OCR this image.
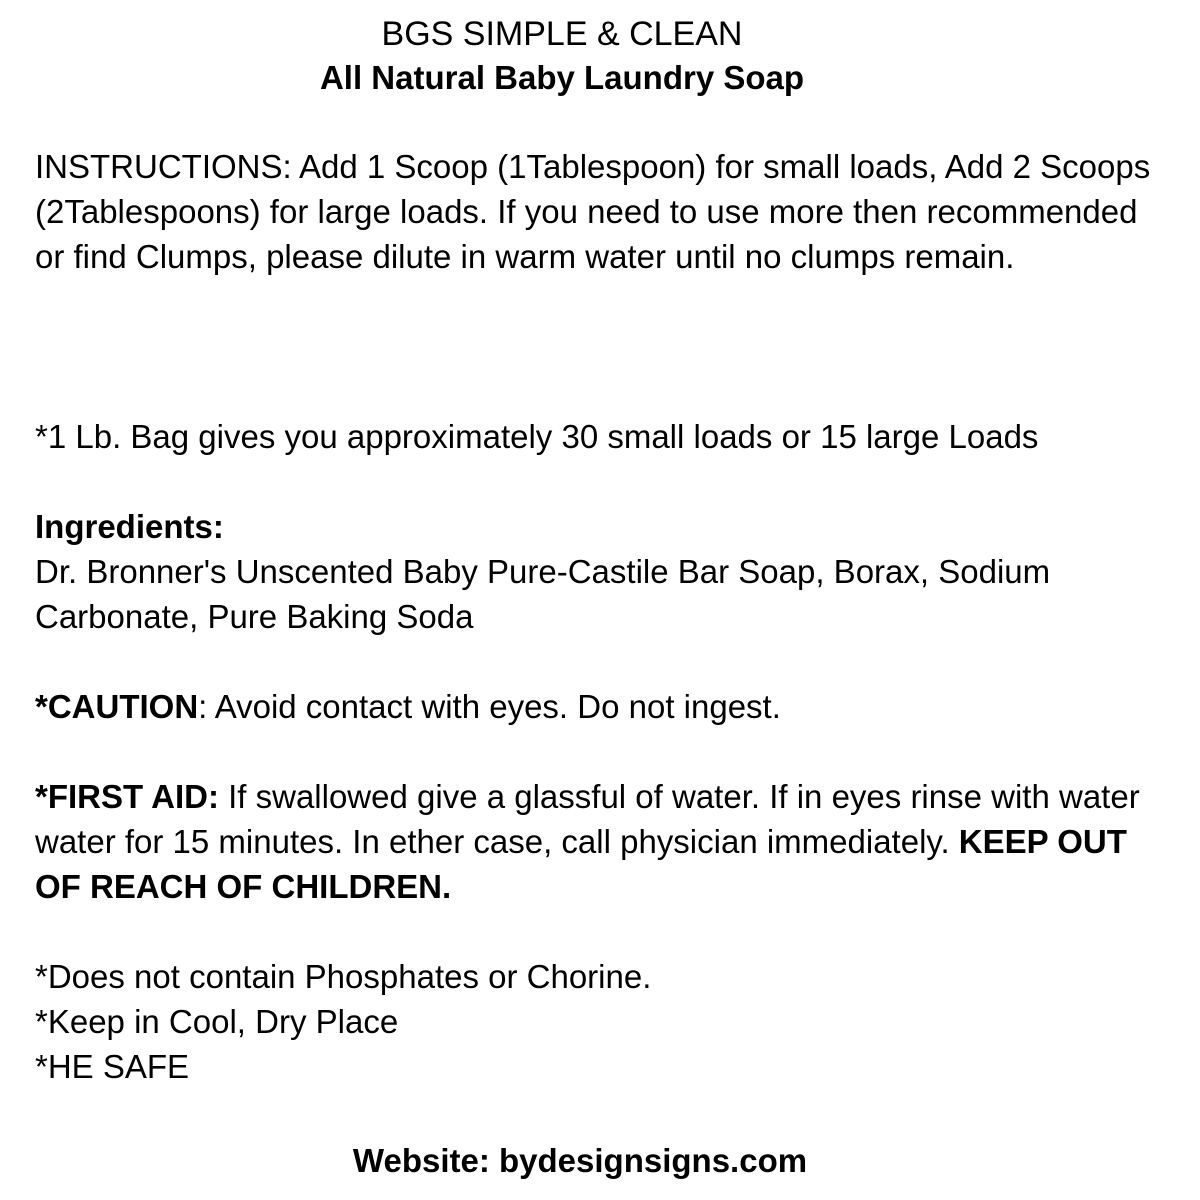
BGS SIMPLE & CLEAN
All Natural Baby Laundry Soap

INSTRUCTIONS: Add 1 Scoop (1Tablespoon) for small loads, Add 2 Scoops (2Tablespoons) for large loads. If you need to use more then recommended or find Clumps, please dilute in warm water until no clumps remain.

*1 Lb. Bag gives you approximately 30 small loads or 15 large Loads

Ingredients:

Dr. Bronner's Unscented Baby Pure-Castile Bar Soap, Borax, Sodium Carbonate, Pure Baking Soda

*CAUTION: Avoid contact with eyes. Do not ingest.

*FIRST AID: If swallowed give a glassful of water. If in eyes rinse with water water for 15 minutes. In ether case, call physician immediately. KEEP OUT OF REACH OF CHILDREN.

*Does not contain Phosphates or Chorine.
*Keep in Cool, Dry Place
*HE SAFE
Website: bydesignsigns.com
